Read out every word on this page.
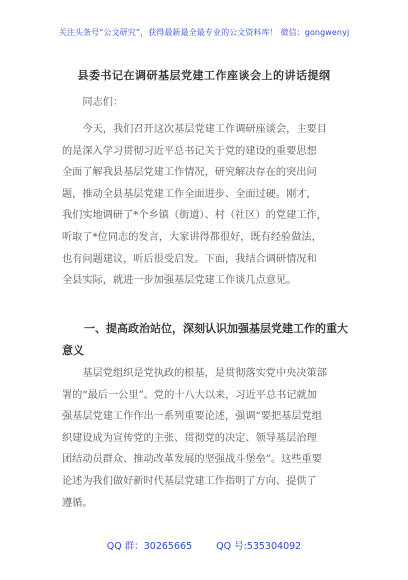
关注头条号“公文研究”，获得最新最全最专业的公文资料库！ 微信：gongwenyj
县委书记在调研基层党建工作座谈会上的讲话提纲
同志们：
今天，我们召开这次基层党建工作调研座谈会，主要目
的是深入学习贯彻习近平总书记关于党的建设的重要思想
全面了解我县基层党建工作情况，研究解决存在的突出问
题，推动全县基层党建工作全面进步、全面过硬。刚才，
我们实地调研了*个乡镇（街道）、村（社区）的党建工作，
听取了*位同志的发言，大家讲得都很好，既有经验做法，
也有问题建议，听后很受启发。下面，我结合调研情况和
全县实际，就进一步加强基层党建工作谈几点意见。
一、提高政治站位，深刻认识加强基层党建工作的重大
意义
基层党组织是党执政的根基，是贯彻落实党中央决策部
署的“最后一公里”。党的十八大以来，习近平总书记就加
强基层党建工作作出一系列重要论述，强调“要把基层党组
织建设成为宣传党的主张、贯彻党的决定、领导基层治理
团结动员群众、推动改革发展的坚强战斗堡垒”。这些重要
论述为我们做好新时代基层党建工作指明了方向、提供了
遵循。
QQ 群：30265665	QQ 号:535304092
